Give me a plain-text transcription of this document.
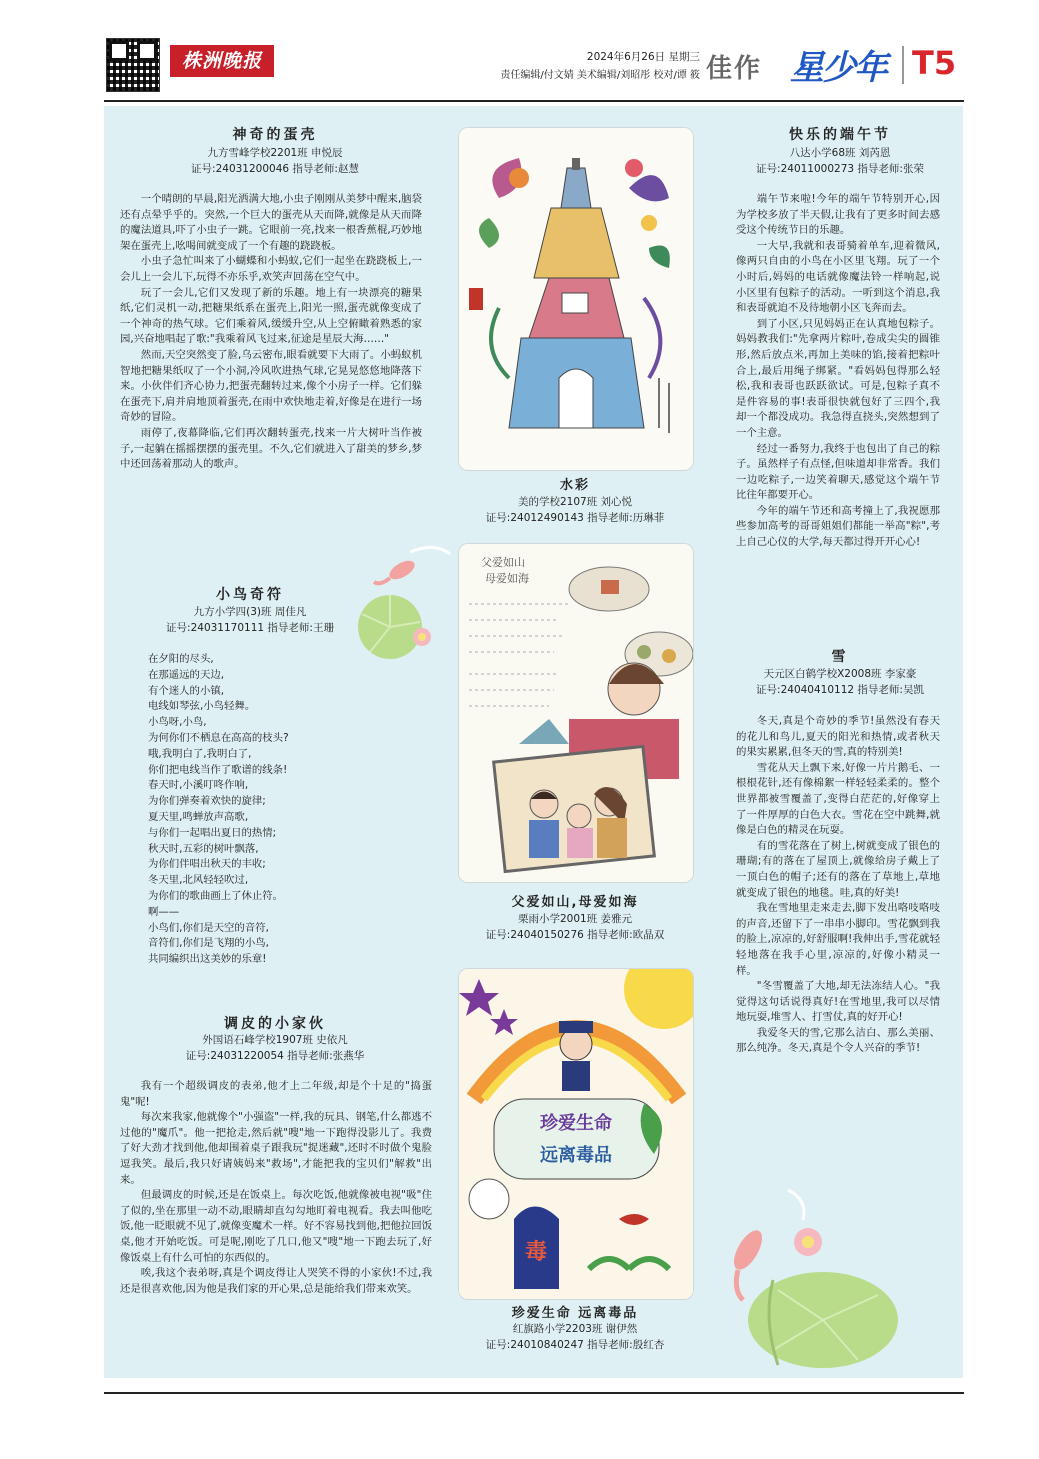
株洲晚报	2024年6月26日 星期三
责任编辑/付文婧 美术编辑/刘昭彤 校对/谭 筱 佳作 星少年 T5
神奇的蛋壳
九方雪峰学校2201班 申悦辰
证号:24031200046 指导老师:赵慧

一个晴朗的早晨,阳光洒满大地,小虫子刚刚从美梦中醒来,脑袋还有点晕乎乎的。突然,一个巨大的蛋壳从天而降,就像是从天而降的魔法道具,吓了小虫子一跳。它眼前一亮,找来一根香蕉棍,巧妙地架在蛋壳上,吆喝间就变成了一个有趣的跷跷板。

小虫子急忙叫来了小蝴蝶和小蚂蚁,它们一起坐在跷跷板上,一会儿上一会儿下,玩得不亦乐乎,欢笑声回荡在空气中。

玩了一会儿,它们又发现了新的乐趣。地上有一块漂亮的糖果纸,它们灵机一动,把糖果纸系在蛋壳上,阳光一照,蛋壳就像变成了一个神奇的热气球。它们乘着风,缓缓升空,从上空俯瞰着熟悉的家园,兴奋地唱起了歌:"我乘着风飞过来,征途是星辰大海……"

然而,天空突然变了脸,乌云密布,眼看就要下大雨了。小蚂蚁机智地把糖果纸叹了一个小洞,冷风吹进热气球,它晃晃悠悠地降落下来。小伙伴们齐心协力,把蛋壳翻转过来,像个小房子一样。它们躲在蛋壳下,肩并肩地顶着蛋壳,在雨中欢快地走着,好像是在进行一场奇妙的冒险。

雨停了,夜幕降临,它们再次翻转蛋壳,找来一片大树叶当作被子,一起躺在摇摇摆摆的蛋壳里。不久,它们就进入了甜美的梦乡,梦中还回荡着那动人的歌声。

小鸟奇符
九方小学四(3)班 周佳凡
证号:24031170111 指导老师:王珊
在夕阳的尽头,
在那遥远的天边,
有个迷人的小镇,
电线如琴弦,小鸟轻舞。
小鸟呀,小鸟,
为何你们不栖息在高高的枝头?
哦,我明白了,我明白了,
你们把电线当作了歌谱的线条!
春天时,小溪叮咚作响,
为你们弹奏着欢快的旋律;
夏天里,鸣蝉放声高歌,
与你们一起唱出夏日的热情;
秋天时,五彩的树叶飘落,
为你们伴唱出秋天的丰收;
冬天里,北风轻轻吹过,
为你们的歌曲画上了休止符。
啊——
小鸟们,你们是天空的音符,
音符们,你们是飞翔的小鸟,
共同编织出这美妙的乐章!
调皮的小家伙
外国语石峰学校1907班 史依凡
证号:24031220054 指导老师:张燕华

我有一个超级调皮的表弟,他才上二年级,却是个十足的"捣蛋鬼"呢!

每次来我家,他就像个"小强盗"一样,我的玩具、钢笔,什么都逃不过他的"魔爪"。他一把抢走,然后就"嗖"地一下跑得没影儿了。我费了好大劲才找到他,他却围着桌子跟我玩"捉迷藏",还时不时做个鬼脸逗我笑。最后,我只好请姨妈来"救场",才能把我的宝贝们"解救"出来。

但最调皮的时候,还是在饭桌上。每次吃饭,他就像被电视"吸"住了似的,坐在那里一动不动,眼睛却直勾勾地盯着电视看。我去叫他吃饭,他一眨眼就不见了,就像变魔术一样。好不容易找到他,把他拉回饭桌,他才开始吃饭。可是呢,刚吃了几口,他又"嗖"地一下跑去玩了,好像饭桌上有什么可怕的东西似的。

唉,我这个表弟呀,真是个调皮得让人哭笑不得的小家伙!不过,我还是很喜欢他,因为他是我们家的开心果,总是能给我们带来欢笑。

水彩
美的学校2107班 刘心悦
证号:24012490143 指导老师:历琳菲
父爱如山
母爱如海
父爱如山,母爱如海
栗雨小学2001班 姜雅元
证号:24040150276 指导老师:欧晶双
珍爱生命
远离毒品
毒
珍爱生命 远离毒品
红旗路小学2203班 谢伊然
证号:24010840247 指导老师:殷红杏
快乐的端午节
八达小学68班 刘芮恩
证号:24011000273 指导老师:张荣

端午节来啦!今年的端午节特别开心,因为学校多放了半天假,让我有了更多时间去感受这个传统节日的乐趣。

一大早,我就和表哥骑着单车,迎着微风,像两只自由的小鸟在小区里飞翔。玩了一个小时后,妈妈的电话就像魔法铃一样响起,说小区里有包粽子的活动。一听到这个消息,我和表哥就迫不及待地朝小区飞奔而去。

到了小区,只见妈妈正在认真地包粽子。妈妈教我们:"先拿两片粽叶,卷成尖尖的圆锥形,然后放点米,再加上美味的馅,接着把粽叶合上,最后用绳子绑紧。"看妈妈包得那么轻松,我和表哥也跃跃欲试。可是,包粽子真不是件容易的事!表哥很快就包好了三四个,我却一个都没成功。我急得直挠头,突然想到了一个主意。

经过一番努力,我终于也包出了自己的粽子。虽然样子有点怪,但味道却非常香。我们一边吃粽子,一边笑着聊天,感觉这个端午节比往年都要开心。

今年的端午节还和高考撞上了,我祝愿那些参加高考的哥哥姐姐们都能一举高"粽",考上自己心仪的大学,每天都过得开开心心!

雪
天元区白鹤学校X2008班 李家豪
证号:24040410112 指导老师:吴凯

冬天,真是个奇妙的季节!虽然没有春天的花儿和鸟儿,夏天的阳光和热情,或者秋天的果实累累,但冬天的雪,真的特别美!

雪花从天上飘下来,好像一片片鹅毛、一根根花针,还有像棉絮一样轻轻柔柔的。整个世界都被雪覆盖了,变得白茫茫的,好像穿上了一件厚厚的白色大衣。雪花在空中跳舞,就像是白色的精灵在玩耍。

有的雪花落在了树上,树就变成了银色的珊瑚;有的落在了屋顶上,就像给房子戴上了一顶白色的帽子;还有的落在了草地上,草地就变成了银色的地毯。哇,真的好美!

我在雪地里走来走去,脚下发出咯吱咯吱的声音,还留下了一串串小脚印。雪花飘到我的脸上,凉凉的,好舒服啊!我伸出手,雪花就轻轻地落在我手心里,凉凉的,好像小精灵一样。

"冬雪覆盖了大地,却无法冻结人心。"我觉得这句话说得真好!在雪地里,我可以尽情地玩耍,堆雪人、打雪仗,真的好开心!

我爱冬天的雪,它那么洁白、那么美丽、那么纯净。冬天,真是个令人兴奋的季节!
